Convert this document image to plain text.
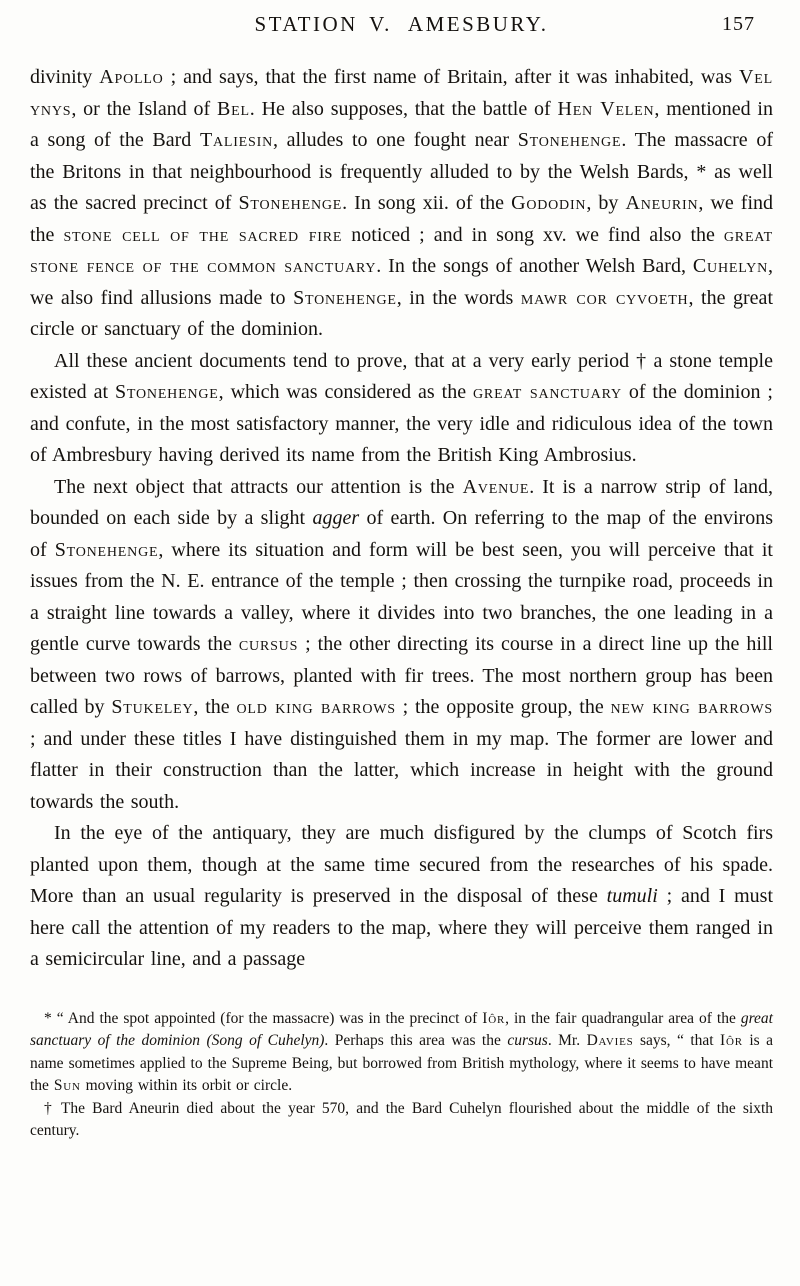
STATION V. AMESBURY.	157

divinity Apollo ; and says, that the first name of Britain, after it was inhabited, was Vel ynys, or the Island of Bel. He also supposes, that the battle of Hen Velen, mentioned in a song of the Bard Taliesin, alludes to one fought near Stonehenge. The massacre of the Britons in that neighbourhood is frequently alluded to by the Welsh Bards, * as well as the sacred precinct of Stonehenge. In song xii. of the Gododin, by Aneurin, we find the stone cell of the sacred fire noticed ; and in song xv. we find also the great stone fence of the common sanctuary. In the songs of another Welsh Bard, Cuhelyn, we also find allusions made to Stonehenge, in the words mawr cor cyvoeth, the great circle or sanctuary of the dominion.

All these ancient documents tend to prove, that at a very early period † a stone temple existed at Stonehenge, which was considered as the great sanctuary of the dominion ; and confute, in the most satisfactory manner, the very idle and ridiculous idea of the town of Ambresbury having derived its name from the British King Ambrosius.

The next object that attracts our attention is the Avenue. It is a narrow strip of land, bounded on each side by a slight agger of earth. On referring to the map of the environs of Stonehenge, where its situation and form will be best seen, you will perceive that it issues from the N. E. entrance of the temple ; then crossing the turnpike road, proceeds in a straight line towards a valley, where it divides into two branches, the one leading in a gentle curve towards the cursus ; the other directing its course in a direct line up the hill between two rows of barrows, planted with fir trees. The most northern group has been called by Stukeley, the old king barrows ; the opposite group, the new king barrows ; and under these titles I have distinguished them in my map. The former are lower and flatter in their construction than the latter, which increase in height with the ground towards the south.

In the eye of the antiquary, they are much disfigured by the clumps of Scotch firs planted upon them, though at the same time secured from the researches of his spade. More than an usual regularity is preserved in the disposal of these tumuli ; and I must here call the attention of my readers to the map, where they will perceive them ranged in a semicircular line, and a passage

* “ And the spot appointed (for the massacre) was in the precinct of Iôr, in the fair quadrangular area of the great sanctuary of the dominion (Song of Cuhelyn). Perhaps this area was the cursus. Mr. Davies says, “ that Iôr is a name sometimes applied to the Supreme Being, but borrowed from British mythology, where it seems to have meant the Sun moving within its orbit or circle.

† The Bard Aneurin died about the year 570, and the Bard Cuhelyn flourished about the middle of the sixth century.
